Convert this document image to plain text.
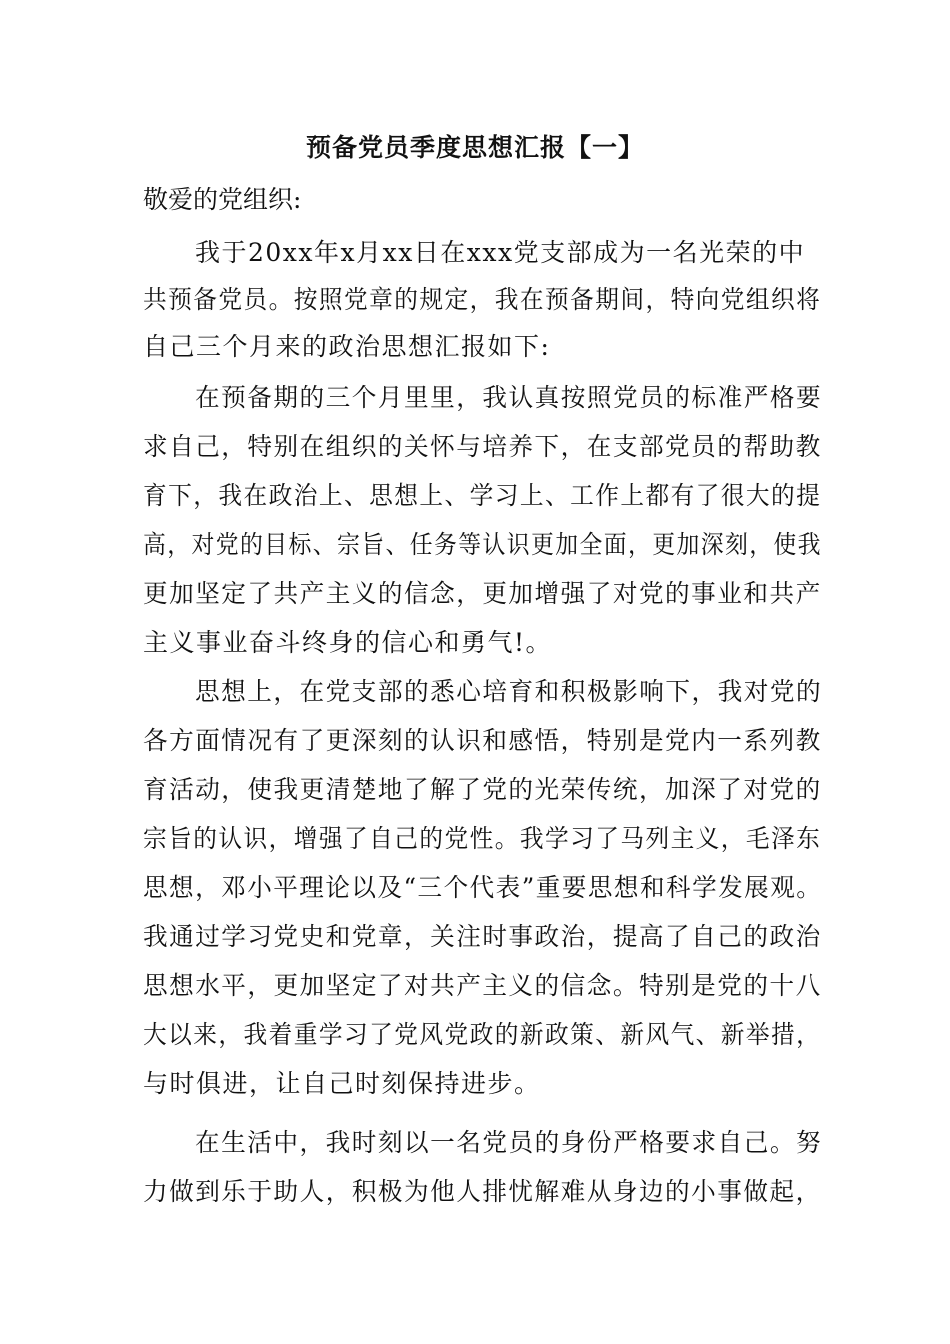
预备党员季度思想汇报【一】
敬爱的党组织:
我于20xx年x月xx日在xxx党支部成为一名光荣的中
共预备党员。按照党章的规定，我在预备期间，特向党组织将
自己三个月来的政治思想汇报如下:
在预备期的三个月里里，我认真按照党员的标准严格要
求自己，特别在组织的关怀与培养下，在支部党员的帮助教
育下，我在政治上、思想上、学习上、工作上都有了很大的提
高，对党的目标、宗旨、任务等认识更加全面，更加深刻，使我
更加坚定了共产主义的信念，更加增强了对党的事业和共产
主义事业奋斗终身的信心和勇气!。
思想上，在党支部的悉心培育和积极影响下，我对党的
各方面情况有了更深刻的认识和感悟，特别是党内一系列教
育活动，使我更清楚地了解了党的光荣传统，加深了对党的
宗旨的认识，增强了自己的党性。我学习了马列主义，毛泽东
思想，邓小平理论以及“三个代表”重要思想和科学发展观。
我通过学习党史和党章，关注时事政治，提高了自己的政治
思想水平，更加坚定了对共产主义的信念。特别是党的十八
大以来，我着重学习了党风党政的新政策、新风气、新举措，
与时俱进，让自己时刻保持进步。
在生活中，我时刻以一名党员的身份严格要求自己。努
力做到乐于助人，积极为他人排忧解难从身边的小事做起，
